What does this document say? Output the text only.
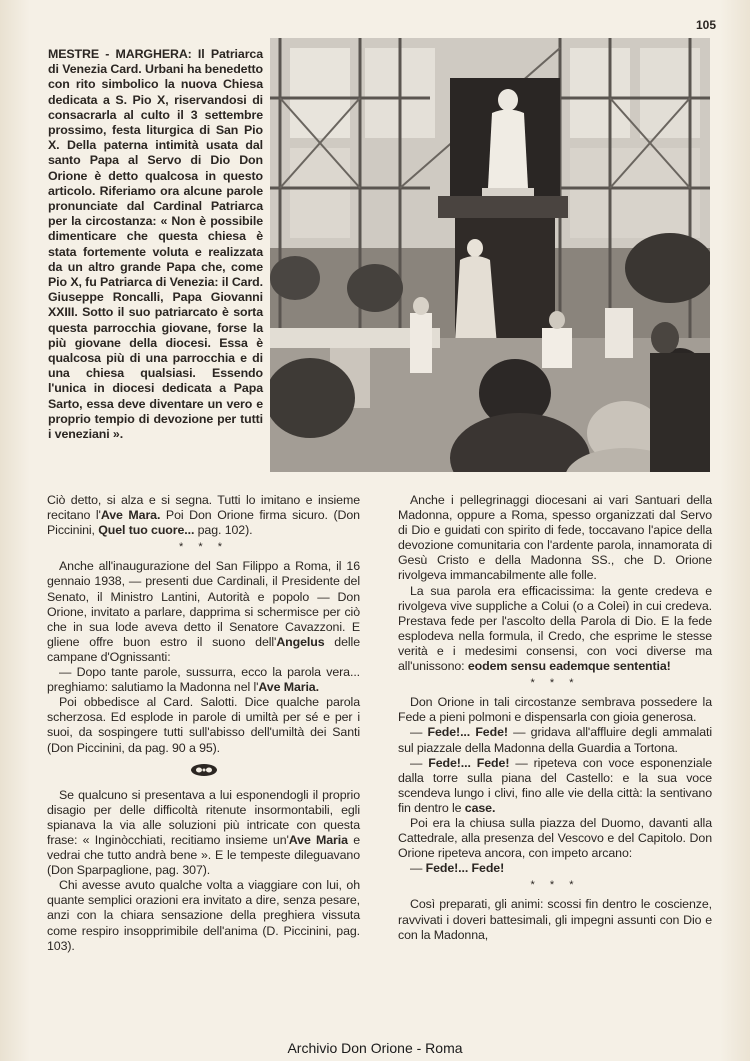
105
MESTRE - MARGHERA: Il Patriarca di Venezia Card. Urbani ha benedetto con rito simbolico la nuova Chiesa dedicata a S. Pio X, riservandosi di consacrarla al culto il 3 settembre prossimo, festa liturgica di San Pio X. Della paterna intimità usata dal santo Papa al Servo di Dio Don Orione è detto qualcosa in questo articolo. Riferiamo ora alcune parole pronunciate dal Cardinal Patriarca per la circostanza: « Non è possibile dimenticare che questa chiesa è stata fortemente voluta e realizzata da un altro grande Papa che, come Pio X, fu Patriarca di Venezia: il Card. Giuseppe Roncalli, Papa Giovanni XXIII. Sotto il suo patriarcato è sorta questa parrocchia giovane, forse la più giovane della diocesi. Essa è qualcosa più di una parrocchia e di una chiesa qualsiasi. Essendo l'unica in diocesi dedicata a Papa Sarto, essa deve diventare un vero e proprio tempio di devozione per tutti i veneziani ».

Ciò detto, si alza e si segna. Tutti lo imitano e insieme recitano l'Ave Mara. Poi Don Orione firma sicuro. (Don Piccinini, Quel tuo cuore... pag. 102).

* * *

Anche all'inaugurazione del San Filippo a Roma, il 16 gennaio 1938, — presenti due Cardinali, il Presidente del Senato, il Ministro Lantini, Autorità e popolo — Don Orione, invitato a parlare, dapprima si schermisce per ciò che in sua lode aveva detto il Senatore Cavazzoni. E gliene offre buon estro il suono dell'Angelus delle campane d'Ognissanti:

— Dopo tante parole, sussurra, ecco la parola vera... preghiamo: salutiamo la Madonna nel l'Ave Maria.

Poi obbedisce al Card. Salotti. Dice qualche parola scherzosa. Ed esplode in parole di umiltà per sé e per i suoi, da sospingere tutti sull'abisso dell'umiltà dei Santi (Don Piccinini, da pag. 90 a 95).

Se qualcuno si presentava a lui esponendogli il proprio disagio per delle difficoltà ritenute insormontabili, egli spianava la via alle soluzioni più intricate con questa frase: « Inginòcchiati, recitiamo insieme un'Ave Maria e vedrai che tutto andrà bene ». E le tempeste dileguavano (Don Sparpaglione, pag. 307).

Chi avesse avuto qualche volta a viaggiare con lui, oh quante semplici orazioni era invitato a dire, senza pesare, anzi con la chiara sensazione della preghiera vissuta come respiro insopprimibile dell'anima (D. Piccinini, pag. 103).

Anche i pellegrinaggi diocesani ai vari Santuari della Madonna, oppure a Roma, spesso organizzati dal Servo di Dio e guidati con spirito di fede, toccavano l'apice della devozione comunitaria con l'ardente parola, innamorata di Gesù Cristo e della Madonna SS., che D. Orione rivolgeva immancabilmente alle folle.

La sua parola era efficacissima: la gente credeva e rivolgeva vive suppliche a Colui (o a Colei) in cui credeva. Prestava fede per l'ascolto della Parola di Dio. E la fede esplodeva nella formula, il Credo, che esprime le stesse verità e i medesimi consensi, con voci diverse ma all'unissono: eodem sensu eademque sententia!

* * *

Don Orione in tali circostanze sembrava possedere la Fede a pieni polmoni e dispensarla con gioia generosa.

— Fede!... Fede! — gridava all'affluire degli ammalati sul piazzale della Madonna della Guardia a Tortona.

— Fede!... Fede! — ripeteva con voce esponenziale dalla torre sulla piana del Castello: e la sua voce scendeva lungo i clivi, fino alle vie della città: la sentivano fin dentro le case.

Poi era la chiusa sulla piazza del Duomo, davanti alla Cattedrale, alla presenza del Vescovo e del Capitolo. Don Orione ripeteva ancora, con impeto arcano:

— Fede!... Fede!

* * *

Così preparati, gli animi: scossi fin dentro le coscienze, ravvivati i doveri battesimali, gli impegni assunti con Dio e con la Madonna,

Archivio Don Orione - Roma
